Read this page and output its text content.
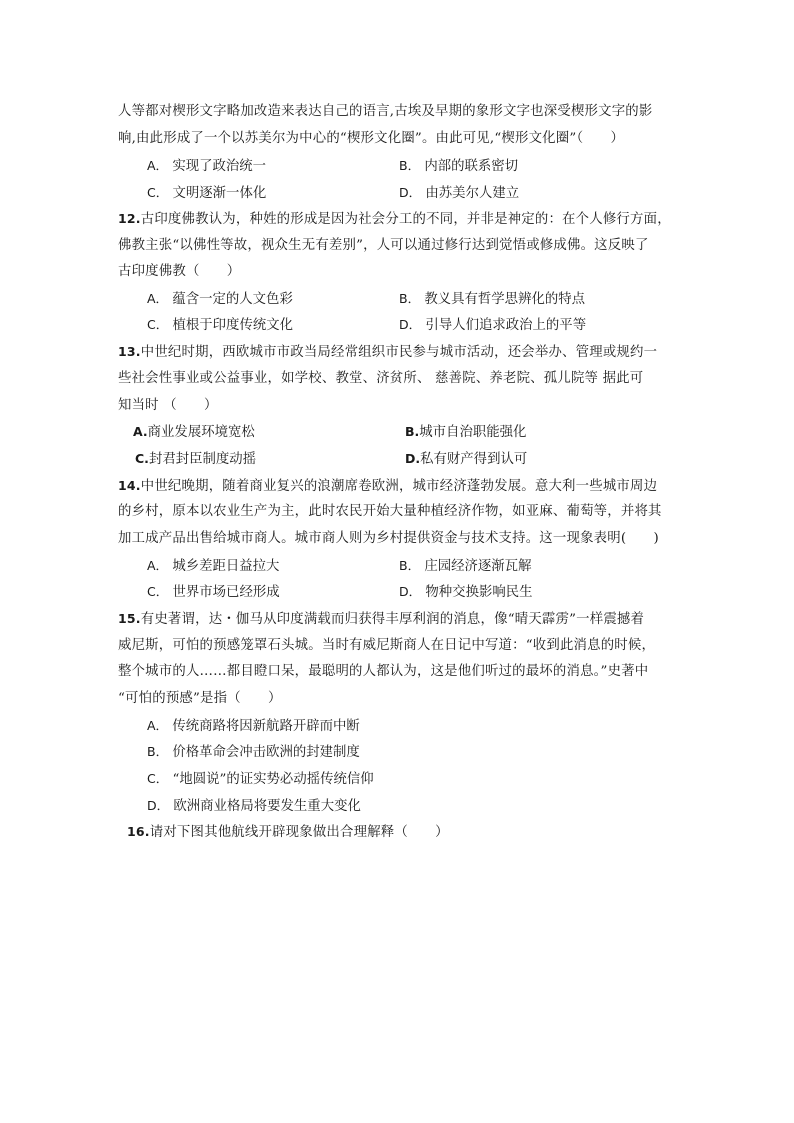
人等都对楔形文字略加改造来表达自己的语言,古埃及早期的象形文字也深受楔形文字的影
响,由此形成了一个以苏美尔为中心的“楔形文化圈”。由此可见,“楔形文化圈”（　　）
A． 实现了政治统一	B． 内部的联系密切
C． 文明逐渐一体化	D． 由苏美尔人建立
12.古印度佛教认为，种姓的形成是因为社会分工的不同，并非是神定的：在个人修行方面，
佛教主张“以佛性等故，视众生无有差别”，人可以通过修行达到觉悟或修成佛。这反映了
古印度佛教（　　）
A． 蕴含一定的人文色彩	B． 教义具有哲学思辨化的特点
C． 植根于印度传统文化	D． 引导人们追求政治上的平等
13.中世纪时期，西欧城市市政当局经常组织市民参与城市活动，还会举办、管理或规约一
些社会性事业或公益事业，如学校、教堂、济贫所、 慈善院、养老院、孤儿院等 据此可
知当时 （　　）
A.商业发展环境宽松	B.城市自治职能强化
C.封君封臣制度动摇	D.私有财产得到认可
14.中世纪晚期，随着商业复兴的浪潮席卷欧洲，城市经济蓬勃发展。意大利一些城市周边
的乡村，原本以农业生产为主，此时农民开始大量种植经济作物，如亚麻、葡萄等，并将其
加工成产品出售给城市商人。城市商人则为乡村提供资金与技术支持。这一现象表明(　　)
A． 城乡差距日益拉大	B． 庄园经济逐渐瓦解
C． 世界市场已经形成	D． 物种交换影响民生
15.有史著谓，达・伽马从印度满载而归获得丰厚利润的消息，像“晴天霹雳”一样震撼着
威尼斯，可怕的预感笼罩石头城。当时有威尼斯商人在日记中写道：“收到此消息的时候，
整个城市的人……都目瞪口呆，最聪明的人都认为，这是他们听过的最坏的消息。”史著中
“可怕的预感”是指（　　）
A． 传统商路将因新航路开辟而中断
B． 价格革命会冲击欧洲的封建制度
C． “地圆说”的证实势必动摇传统信仰
D． 欧洲商业格局将要发生重大变化
16.请对下图其他航线开辟现象做出合理解释（　　）
